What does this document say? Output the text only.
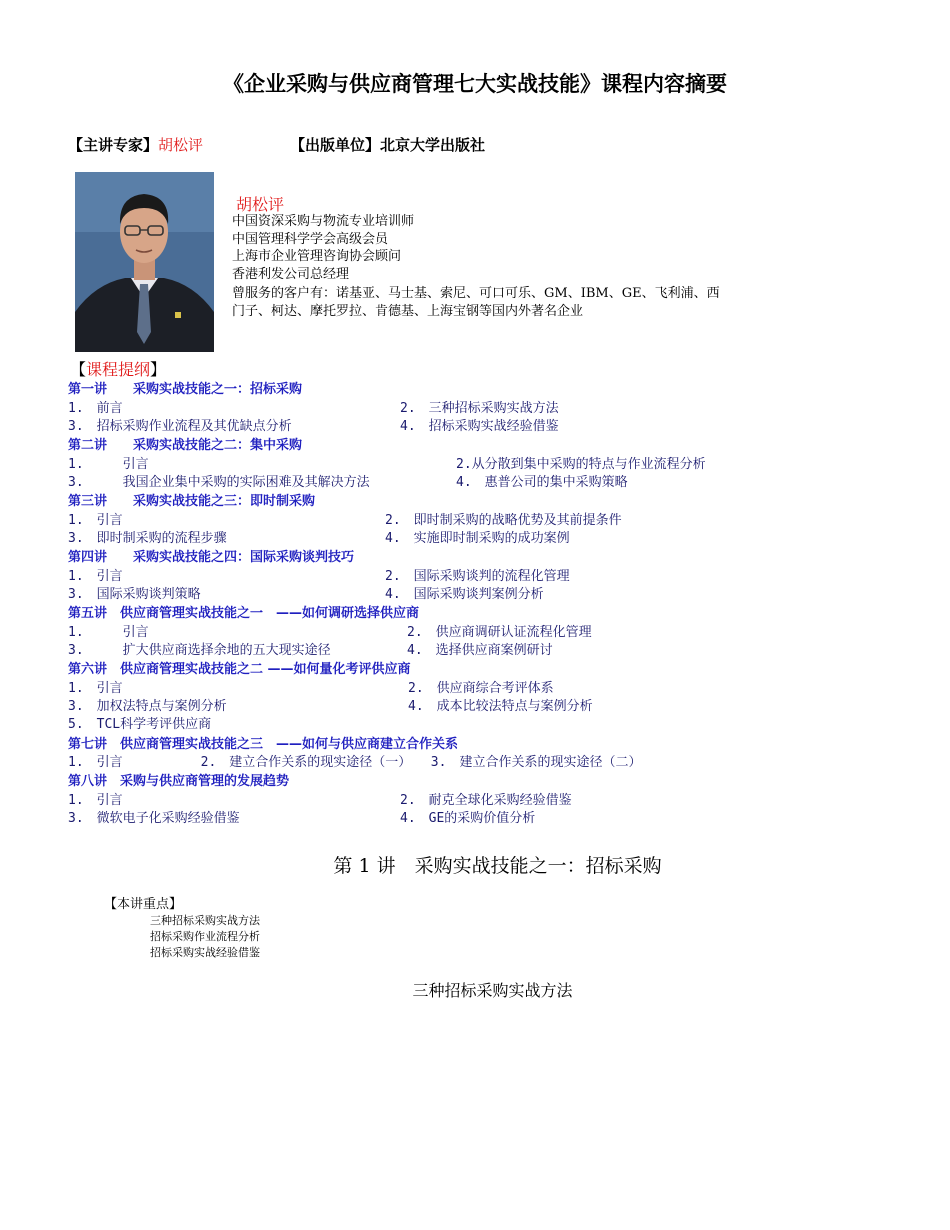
《企业采购与供应商管理七大实战技能》课程内容摘要
【主讲专家】胡松评	【出版单位】北京大学出版社
胡松评
中国资深采购与物流专业培训师
中国管理科学学会高级会员
上海市企业管理咨询协会顾问
香港利发公司总经理
曾服务的客户有：诺基亚、马士基、索尼、可口可乐、GM、IBM、GE、飞利浦、西
门子、柯达、摩托罗拉、肯德基、上海宝钢等国内外著名企业
【课程提纲】
第一讲　　采购实战技能之一：招标采购
1.　前言	2.　三种招标采购实战方法
3.　招标采购作业流程及其优缺点分析	4.　招标采购实战经验借鉴
第二讲　　采购实战技能之二：集中采购
1.　　　引言	2.从分散到集中采购的特点与作业流程分析
3.　　　我国企业集中采购的实际困难及其解决方法	4.　惠普公司的集中采购策略
第三讲　　采购实战技能之三：即时制采购
1.　引言	2.　即时制采购的战略优势及其前提条件
3.　即时制采购的流程步骤	4.　实施即时制采购的成功案例
第四讲　　采购实战技能之四：国际采购谈判技巧
1.　引言	2.　国际采购谈判的流程化管理
3.　国际采购谈判策略	4.　国际采购谈判案例分析
第五讲　供应商管理实战技能之一　——如何调研选择供应商
1.　　　引言	2.　供应商调研认证流程化管理
3.　　　扩大供应商选择余地的五大现实途径	4.　选择供应商案例研讨
第六讲　供应商管理实战技能之二 ——如何量化考评供应商
1.　引言	2.　供应商综合考评体系
3.　加权法特点与案例分析	4.　成本比较法特点与案例分析
5.　TCL科学考评供应商
第七讲　供应商管理实战技能之三　——如何与供应商建立合作关系
1.　引言　　　　　　2.　建立合作关系的现实途径（一）　　3.　建立合作关系的现实途径（二）
第八讲　采购与供应商管理的发展趋势
1.　引言	2.　耐克全球化采购经验借鉴
3.　微软电子化采购经验借鉴	4.　GE的采购价值分析
第 1 讲　采购实战技能之一：招标采购
【本讲重点】
三种招标采购实战方法
招标采购作业流程分析
招标采购实战经验借鉴
三种招标采购实战方法
